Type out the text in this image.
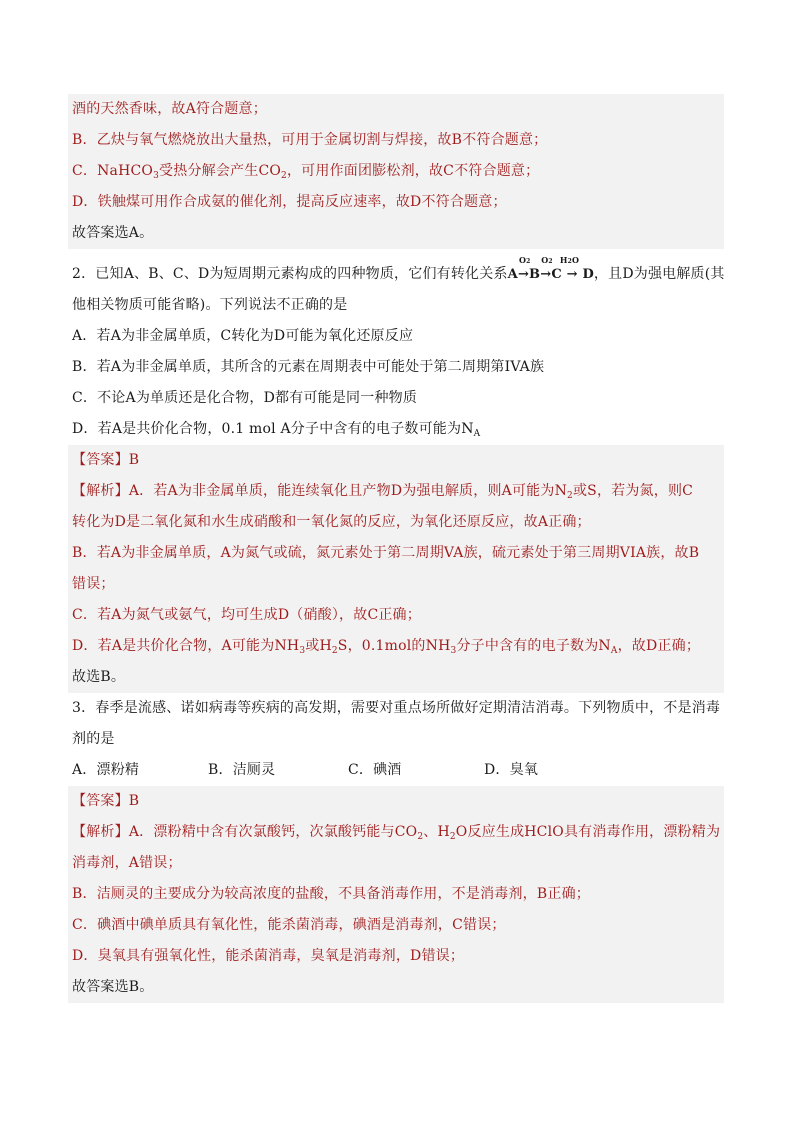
酒的天然香味，故A符合题意；
B．乙炔与氧气燃烧放出大量热，可用于金属切割与焊接，故B不符合题意；
C．NaHCO$_3$受热分解会产生$CO_2$，可用作面团膨松剂，故C不符合题意；
D．铁触煤可用作合成氨的催化剂，提高反应速率，故D不符合题意；
故答案选A。
2．已知A、B、C、D为短周期元素构成的四种物质，它们有转化关系A
O2
→B
O2
→C
H2O
→ D，且D为强电解质(其
他相关物质可能省略)。下列说法不正确的是
A．若A为非金属单质，C转化为D可能为氧化还原反应
B．若A为非金属单质，其所含的元素在周期表中可能处于第二周期第IVA族
C．不论A为单质还是化合物，D都有可能是同一种物质
D．若A是共价化合物，0.1 mol A分子中含有的电子数可能为$N_A$
【答案】B
【解析】A．若A为非金属单质，能连续氧化且产物D为强电解质，则A可能为$N_2$或S，若为氮，则C
转化为D是二氧化氮和水生成硝酸和一氧化氮的反应，为氧化还原反应，故A正确；
B．若A为非金属单质，A为氮气或硫，氮元素处于第二周期VA族，硫元素处于第三周期VIA族，故B
错误；
C．若A为氮气或氨气，均可生成D（硝酸），故C正确；
D．若A是共价化合物，A可能为$NH_3$或$H_2S$，0.1mol的$NH_3$分子中含有的电子数为$N_A$，故D正确；
故选B。
3．春季是流感、诺如病毒等疾病的高发期，需要对重点场所做好定期清洁消毒。下列物质中，不是消毒
剂的是
A．漂粉精	B．洁厕灵	C．碘酒	D．臭氧
【答案】B
【解析】A．漂粉精中含有次氯酸钙，次氯酸钙能与$CO_2$、$H_2O$反应生成HClO具有消毒作用，漂粉精为
消毒剂，A错误；
B．洁厕灵的主要成分为较高浓度的盐酸，不具备消毒作用，不是消毒剂，B正确；
C．碘酒中碘单质具有氧化性，能杀菌消毒，碘酒是消毒剂，C错误；
D．臭氧具有强氧化性，能杀菌消毒，臭氧是消毒剂，D错误；
故答案选B。
